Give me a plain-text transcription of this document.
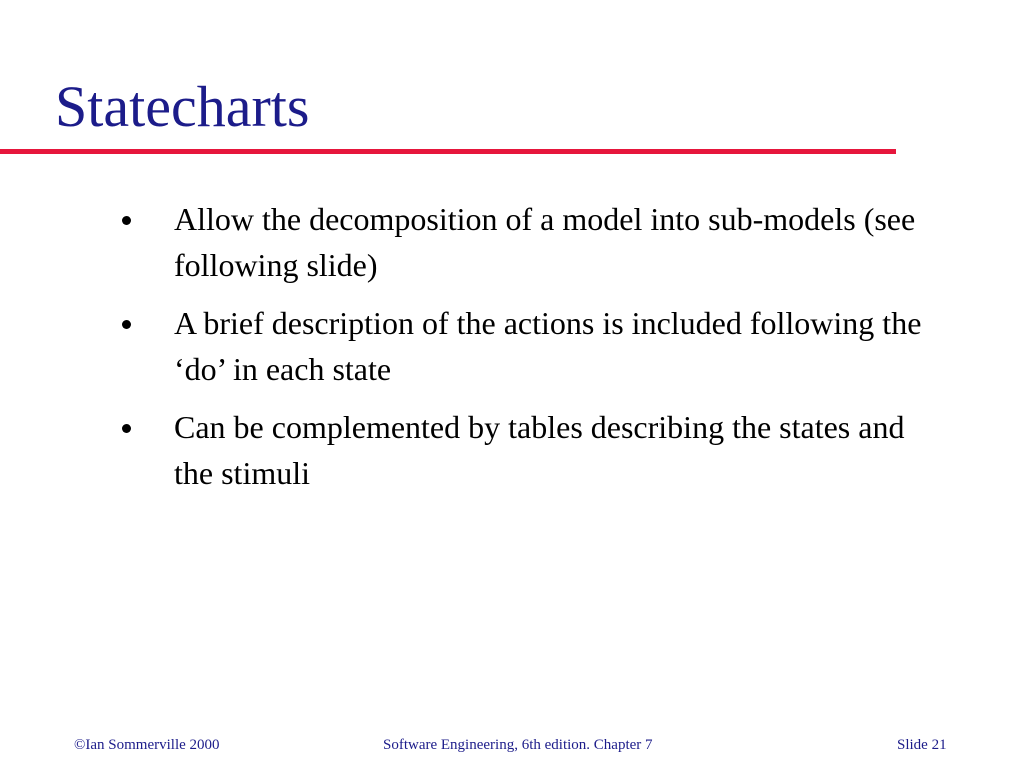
Statecharts
Allow the decomposition of a model into sub-models (see following slide)
A brief description of the actions is included following the ‘do’ in each state
Can be complemented by tables describing the states and the stimuli
©Ian Sommerville 2000	Software Engineering, 6th edition. Chapter 7	Slide 21
